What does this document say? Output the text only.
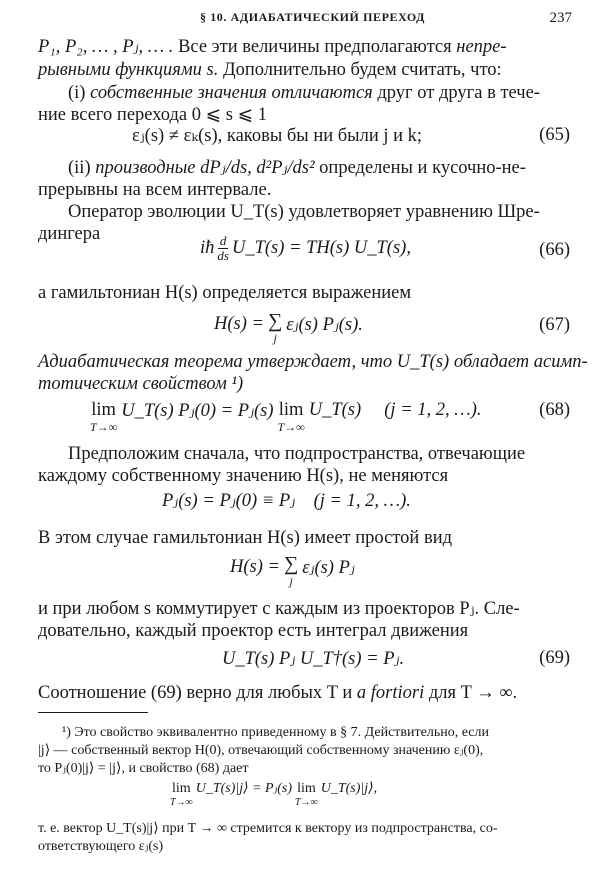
§ 10. АДИАБАТИЧЕСКИЙ ПЕРЕХОД	237
P₁, P₂, … , Pⱼ, … . Все эти величины предполагаются непре-
рывными функциями s. Дополнительно будем считать, что:
(i) собственные значения отличаются друг от друга в тече-
ние всего перехода 0 ⩽ s ⩽ 1
εⱼ(s) ≠ εₖ(s), каковы бы ни были j и k;	(65)
(ii) производные dPⱼ/ds, d²Pⱼ/ds² определены и кусочно-не-
прерывны на всем интервале.
Оператор эволюции U_T(s) удовлетворяет уравнению Шре-
дингера
iħ d
ds U_T(s) = TH(s) U_T(s),	(66)
а гамильтониан H(s) определяется выражением
H(s) = ∑
j
εⱼ(s) Pⱼ(s).	(67)
Адиабатическая теорема утверждает, что U_T(s) обладает асимп-
тотическим свойством ¹)
lim
T→∞
U_T(s) Pⱼ(0) = Pⱼ(s) lim
T→∞
U_T(s)     (j = 1, 2, …).	(68)
Предположим сначала, что подпространства, отвечающие
каждому собственному значению H(s), не меняются
Pⱼ(s) = Pⱼ(0) ≡ Pⱼ    (j = 1, 2, …).
В этом случае гамильтониан H(s) имеет простой вид
H(s) = ∑
j
εⱼ(s) Pⱼ
и при любом s коммутирует с каждым из проекторов Pⱼ. Сле-
довательно, каждый проектор есть интеграл движения
U_T(s) Pⱼ U_T†(s) = Pⱼ.	(69)
Соотношение (69) верно для любых T и a fortiori для T → ∞.
¹) Это свойство эквивалентно приведенному в § 7. Действительно, если
|j⟩ — собственный вектор H(0), отвечающий собственному значению εⱼ(0),
то Pⱼ(0)|j⟩ = |j⟩, и свойство (68) дает
lim
T→∞
U_T(s)|j⟩ = Pⱼ(s) lim
T→∞
U_T(s)|j⟩,
т. е. вектор U_T(s)|j⟩ при T → ∞ стремится к вектору из подпространства, со-
ответствующего εⱼ(s)
